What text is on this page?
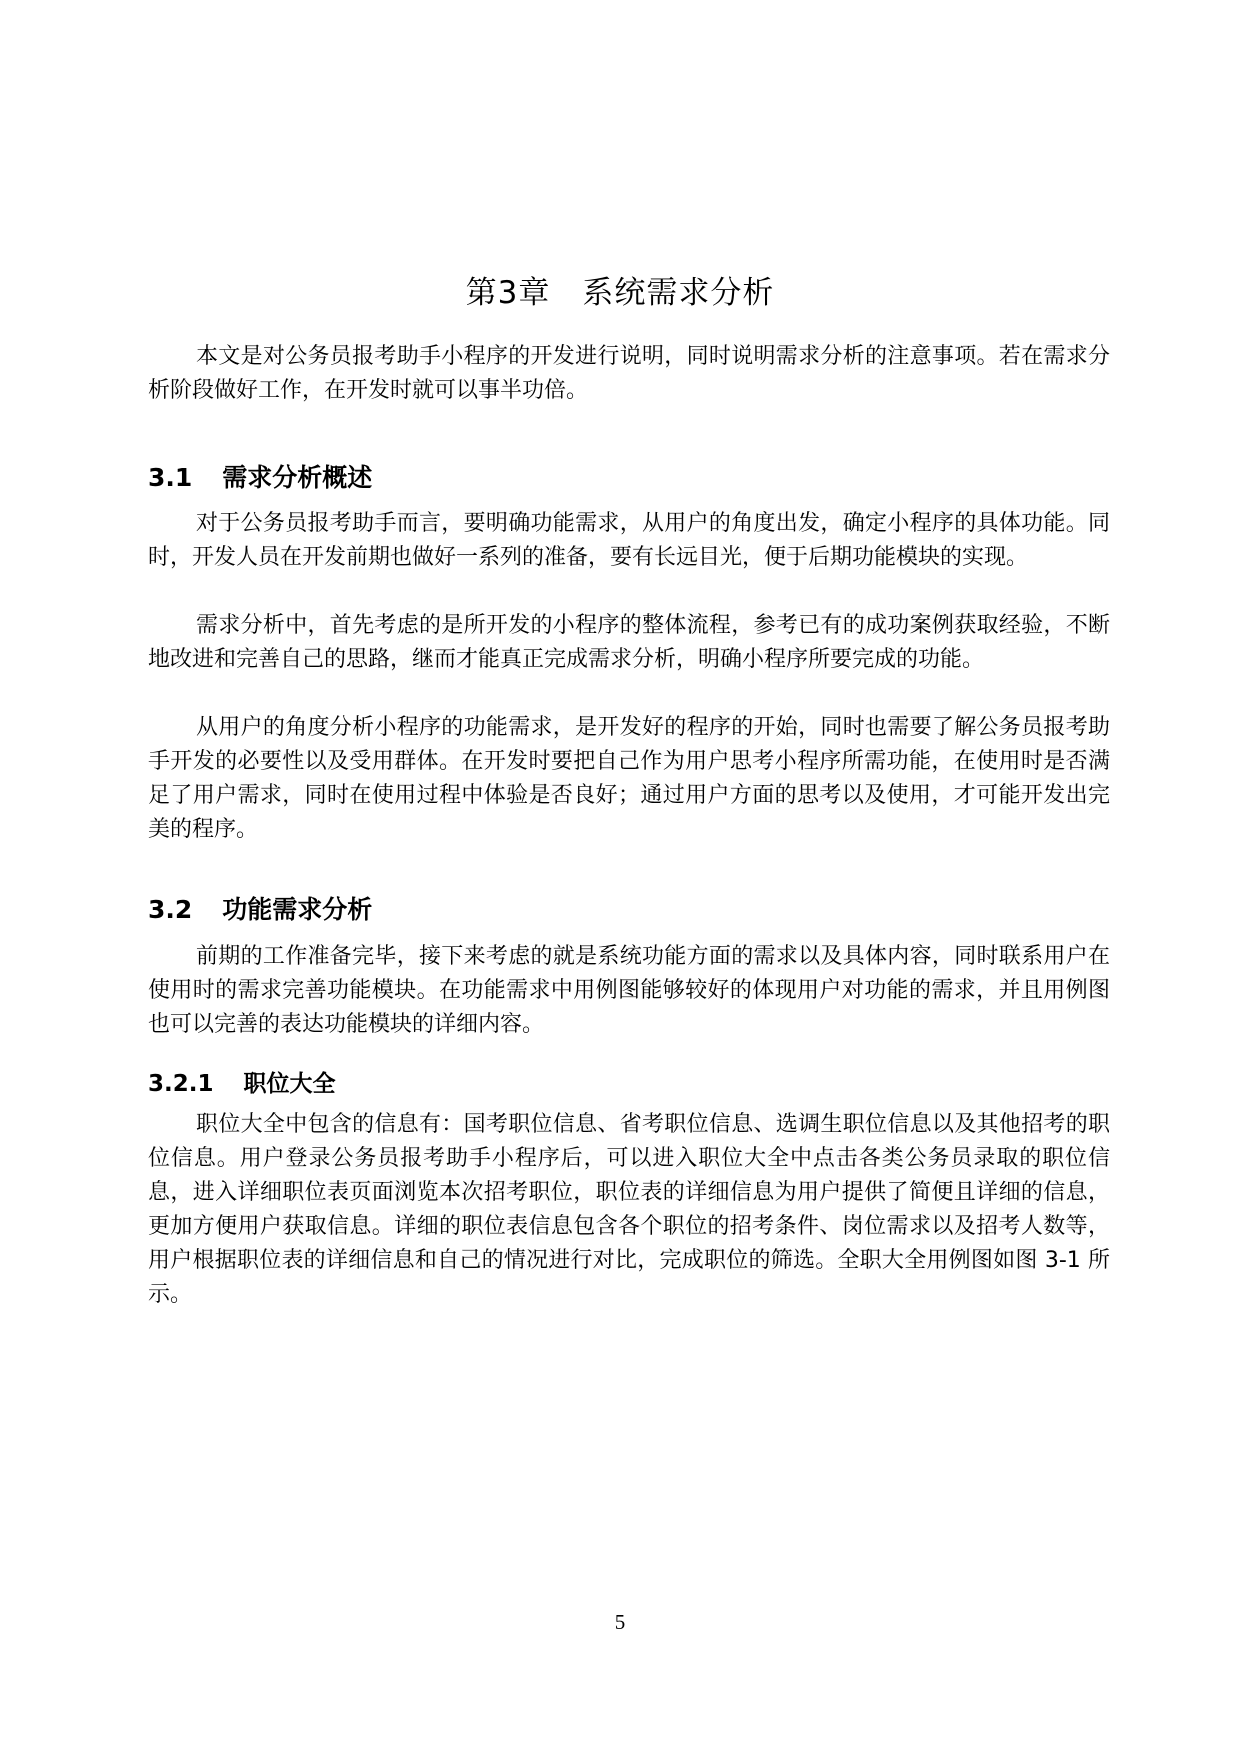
第3章　系统需求分析

本文是对公务员报考助手小程序的开发进行说明，同时说明需求分析的注意事项。若在需求分析阶段做好工作，在开发时就可以事半功倍。

3.1 需求分析概述

对于公务员报考助手而言，要明确功能需求，从用户的角度出发，确定小程序的具体功能。同时，开发人员在开发前期也做好一系列的准备，要有长远目光，便于后期功能模块的实现。

需求分析中，首先考虑的是所开发的小程序的整体流程，参考已有的成功案例获取经验，不断地改进和完善自己的思路，继而才能真正完成需求分析，明确小程序所要完成的功能。

从用户的角度分析小程序的功能需求，是开发好的程序的开始，同时也需要了解公务员报考助手开发的必要性以及受用群体。在开发时要把自己作为用户思考小程序所需功能，在使用时是否满足了用户需求，同时在使用过程中体验是否良好；通过用户方面的思考以及使用，才可能开发出完美的程序。

3.2 功能需求分析

前期的工作准备完毕，接下来考虑的就是系统功能方面的需求以及具体内容，同时联系用户在使用时的需求完善功能模块。在功能需求中用例图能够较好的体现用户对功能的需求，并且用例图也可以完善的表达功能模块的详细内容。

3.2.1 职位大全

职位大全中包含的信息有：国考职位信息、省考职位信息、选调生职位信息以及其他招考的职位信息。用户登录公务员报考助手小程序后，可以进入职位大全中点击各类公务员录取的职位信息，进入详细职位表页面浏览本次招考职位，职位表的详细信息为用户提供了简便且详细的信息，更加方便用户获取信息。详细的职位表信息包含各个职位的招考条件、岗位需求以及招考人数等，用户根据职位表的详细信息和自己的情况进行对比，完成职位的筛选。全职大全用例图如图 3-1 所示。

5
